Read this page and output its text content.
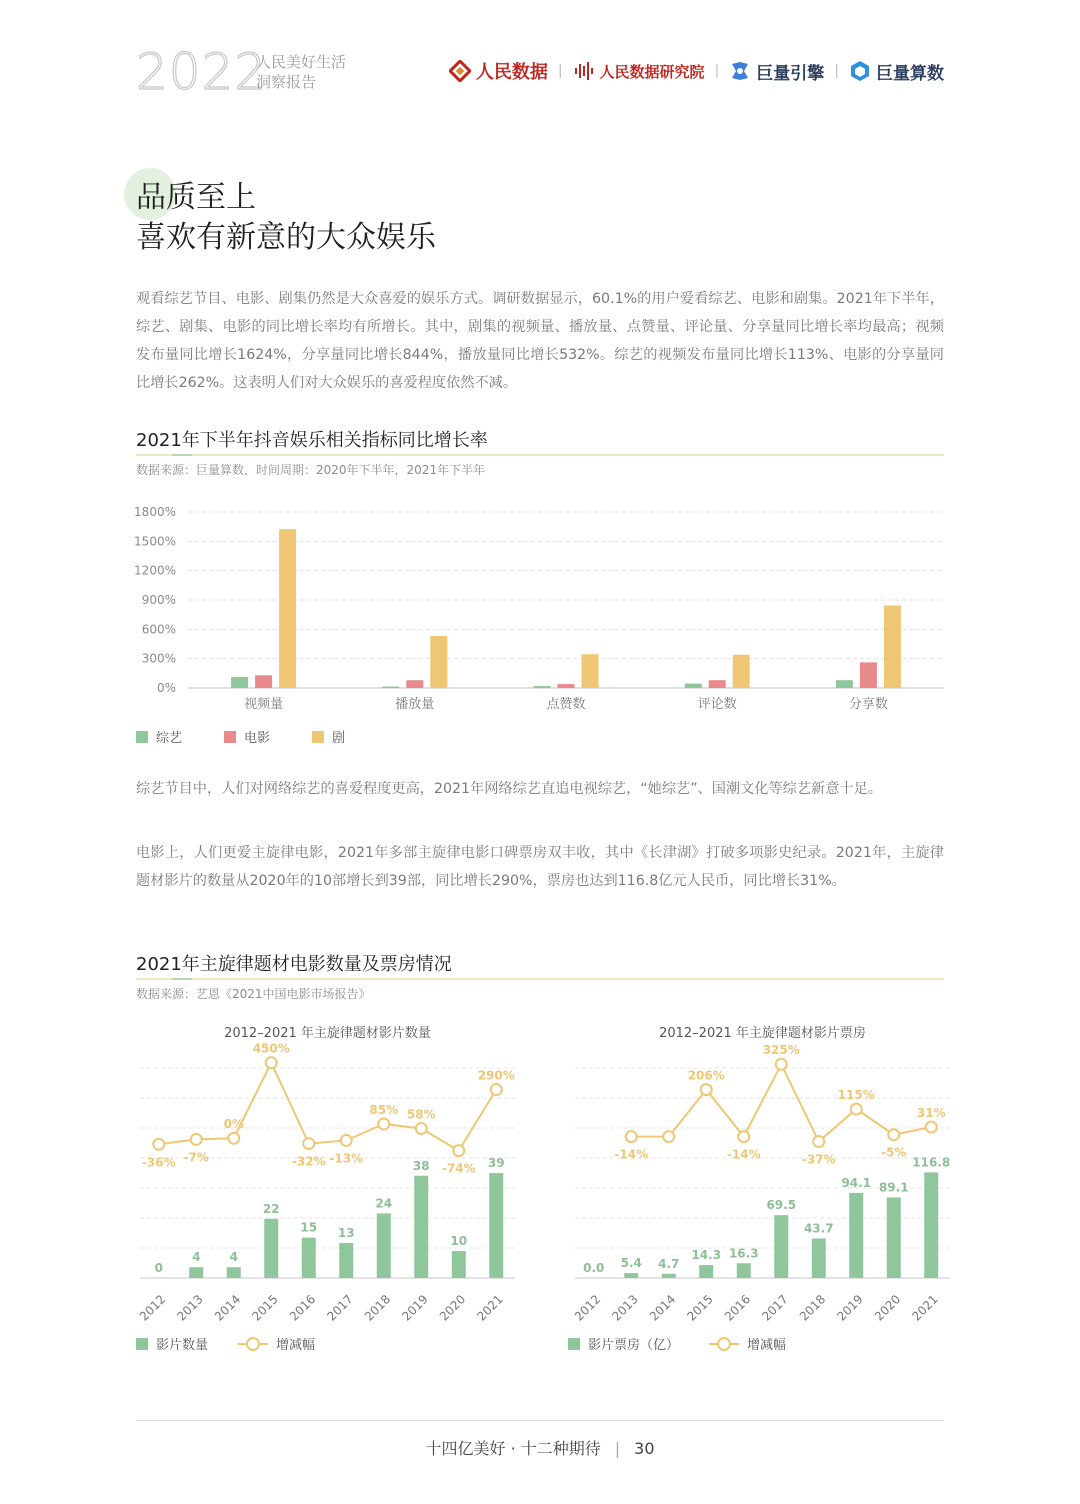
2022
人民美好生活
洞察报告	人民数据 | 人民数据研究院 | 巨量引擎 | 巨量算数
品质至上
喜欢有新意的大众娱乐
观看综艺节目、电影、剧集仍然是大众喜爱的娱乐方式。调研数据显示，60.1%的用户爱看综艺、电影和剧集。2021年下半年，综艺、剧集、电影的同比增长率均有所增长。其中，剧集的视频量、播放量、点赞量、评论量、分享量同比增长率均最高；视频发布量同比增长1624%，分享量同比增长844%，播放量同比增长532%。综艺的视频发布量同比增长113%、电影的分享量同比增长262%。这表明人们对大众娱乐的喜爱程度依然不减。
2021年下半年抖音娱乐相关指标同比增长率
数据来源：巨量算数，时间周期：2020年下半年，2021年下半年
0%
300%
600%
900%
1200%
1500%
1800%
视频量	播放量	点赞数	评论数	分享数
综艺	电影	剧
综艺节目中，人们对网络综艺的喜爱程度更高，2021年网络综艺直追电视综艺，“她综艺”、国潮文化等综艺新意十足。
电影上，人们更爱主旋律电影，2021年多部主旋律电影口碑票房双丰收，其中《长津湖》打破多项影史纪录。2021年，主旋律题材影片的数量从2020年的10部增长到39部，同比增长290%，票房也达到116.8亿元人民币，同比增长31%。
2021年主旋律题材电影数量及票房情况
数据来源：艺恩《2021中国电影市场报告》
2012–2021 年主旋律题材影片数量
0
2012
4
2013
4
2014
22
2015
15
2016
13
2017
24
2018
38
2019
10
2020
39
2021
-36% -7%
0%
450%
-32% -13%
85% 58%
-74%
290%
2012–2021 年主旋律题材影片票房
0.0
2012
5.4
2013
4.7
2014
14.3
2015
16.3
2016
69.5
2017
43.7
2018
94.1
2019
89.1
2020
116.8
2021
-14%
206%
-14%
325%
-37%
115%
-5%
31%
影片数量	增减幅	影片票房（亿）	增减幅
十四亿美好 · 十二种期待 | 30
